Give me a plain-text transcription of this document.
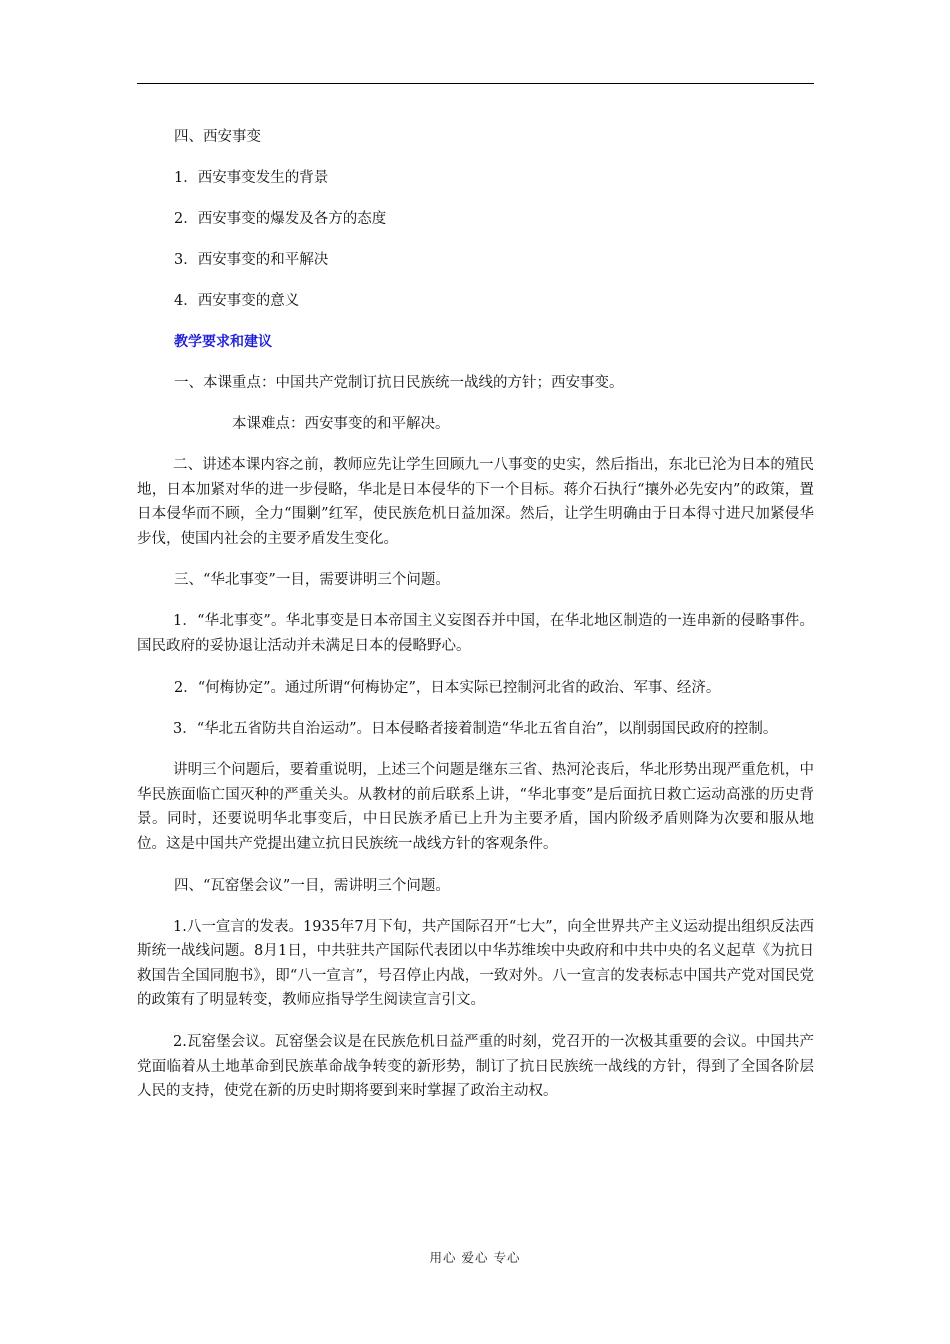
四、西安事变

1．西安事变发生的背景

2．西安事变的爆发及各方的态度

3．西安事变的和平解决

4．西安事变的意义

教学要求和建议

一、本课重点：中国共产党制订抗日民族统一战线的方针；西安事变。

本课难点：西安事变的和平解决。

二、讲述本课内容之前，教师应先让学生回顾九一八事变的史实，然后指出，东北已沦为日本的殖民地，日本加紧对华的进一步侵略，华北是日本侵华的下一个目标。蒋介石执行“攘外必先安内”的政策，置日本侵华而不顾，全力“围剿”红军，使民族危机日益加深。然后，让学生明确由于日本得寸进尺加紧侵华步伐，使国内社会的主要矛盾发生变化。

三、“华北事变”一目，需要讲明三个问题。

1．“华北事变”。华北事变是日本帝国主义妄图吞并中国，在华北地区制造的一连串新的侵略事件。国民政府的妥协退让活动并未满足日本的侵略野心。

2．“何梅协定”。通过所谓“何梅协定”，日本实际已控制河北省的政治、军事、经济。

3．“华北五省防共自治运动”。日本侵略者接着制造“华北五省自治”，以削弱国民政府的控制。

讲明三个问题后，要着重说明，上述三个问题是继东三省、热河沦丧后，华北形势出现严重危机，中华民族面临亡国灭种的严重关头。从教材的前后联系上讲，“华北事变”是后面抗日救亡运动高涨的历史背景。同时，还要说明华北事变后，中日民族矛盾已上升为主要矛盾，国内阶级矛盾则降为次要和服从地位。这是中国共产党提出建立抗日民族统一战线方针的客观条件。

四、“瓦窑堡会议”一目，需讲明三个问题。

1.八一宣言的发表。1935年7月下旬，共产国际召开“七大”，向全世界共产主义运动提出组织反法西斯统一战线问题。8月1日，中共驻共产国际代表团以中华苏维埃中央政府和中共中央的名义起草《为抗日救国告全国同胞书》，即“八一宣言”，号召停止内战，一致对外。八一宣言的发表标志中国共产党对国民党的政策有了明显转变，教师应指导学生阅读宣言引文。

2.瓦窑堡会议。瓦窑堡会议是在民族危机日益严重的时刻，党召开的一次极其重要的会议。中国共产党面临着从土地革命到民族革命战争转变的新形势，制订了抗日民族统一战线的方针，得到了全国各阶层人民的支持，使党在新的历史时期将要到来时掌握了政治主动权。

用心 爱心 专心
